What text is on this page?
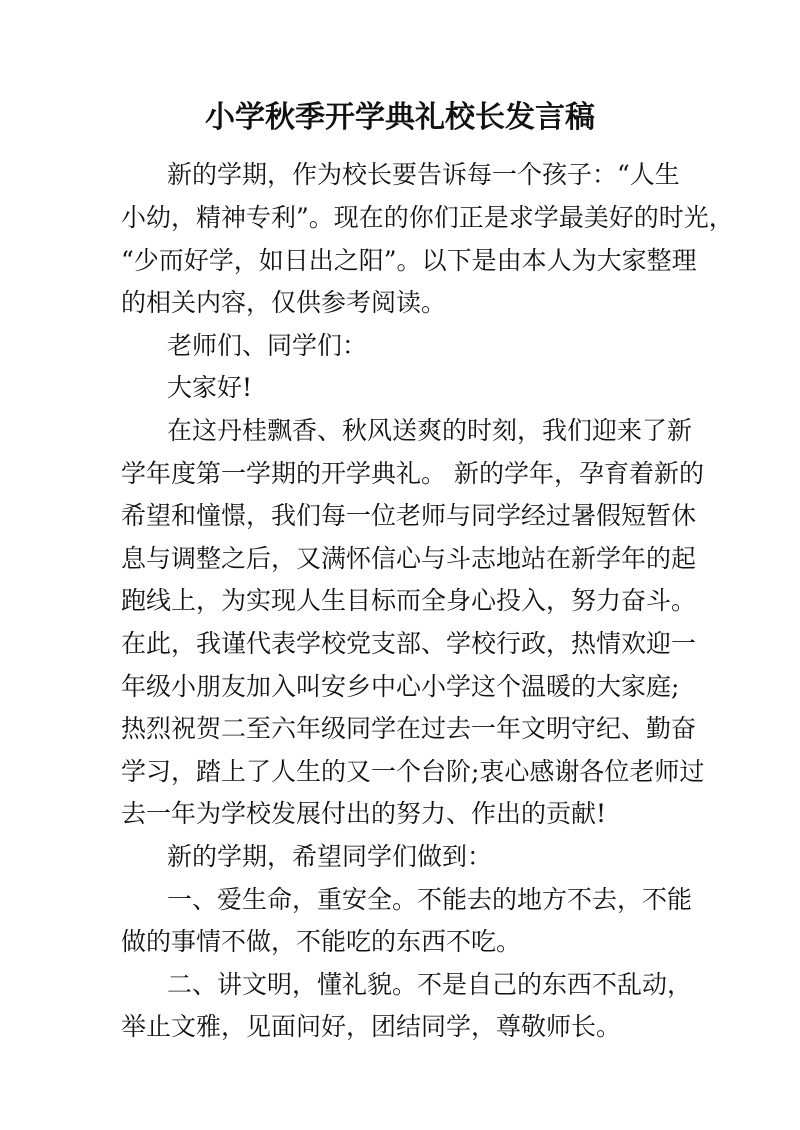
小学秋季开学典礼校长发言稿

新的学期，作为校长要告诉每一个孩子：“人生

小幼，精神专利”。现在的你们正是求学最美好的时光，

“少而好学，如日出之阳”。以下是由本人为大家整理

的相关内容，仅供参考阅读。

老师们、同学们：

大家好!

在这丹桂飘香、秋风送爽的时刻，我们迎来了新

学年度第一学期的开学典礼。 新的学年，孕育着新的

希望和憧憬，我们每一位老师与同学经过暑假短暂休

息与调整之后，又满怀信心与斗志地站在新学年的起

跑线上，为实现人生目标而全身心投入，努力奋斗。

在此，我谨代表学校党支部、学校行政，热情欢迎一

年级小朋友加入叫安乡中心小学这个温暖的大家庭;

热烈祝贺二至六年级同学在过去一年文明守纪、勤奋

学习，踏上了人生的又一个台阶;衷心感谢各位老师过

去一年为学校发展付出的努力、作出的贡献!

新的学期，希望同学们做到：

一、爱生命，重安全。不能去的地方不去，不能

做的事情不做，不能吃的东西不吃。

二、讲文明，懂礼貌。不是自己的东西不乱动，

举止文雅，见面问好，团结同学，尊敬师长。
